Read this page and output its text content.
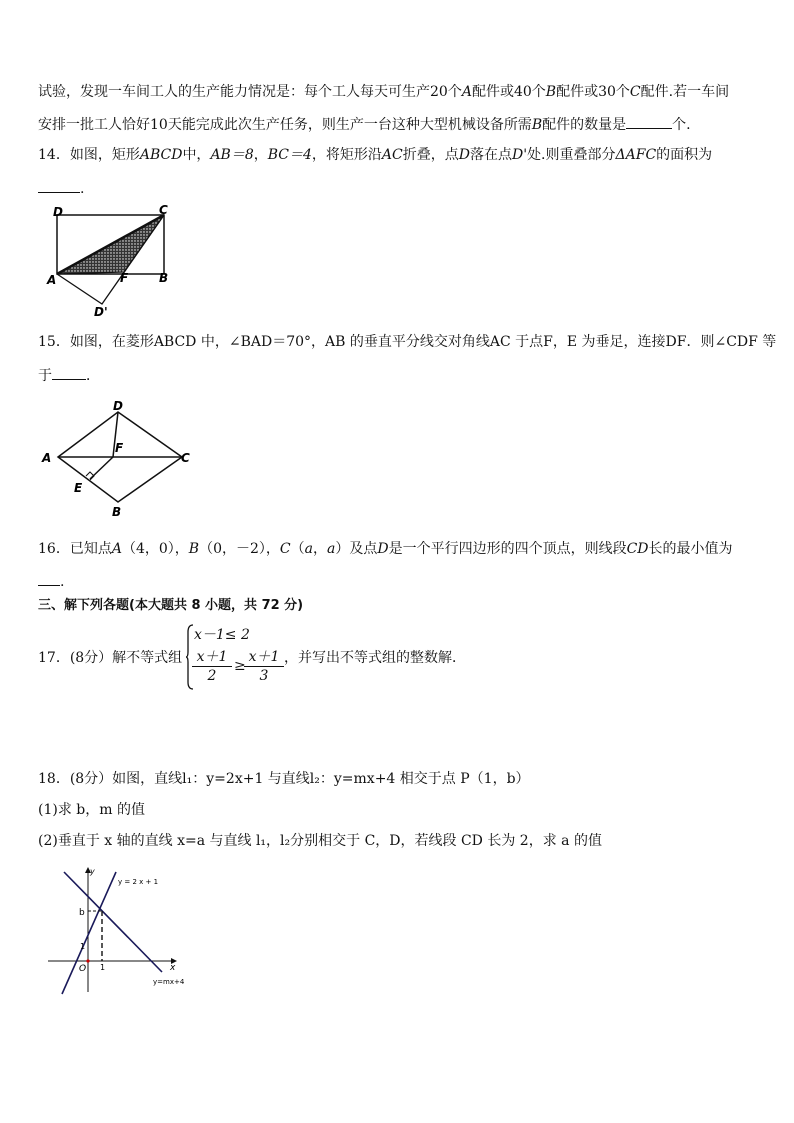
试验，发现一车间工人的生产能力情况是：每个工人每天可生产20个A配件或40个B配件或30个C配件.若一车间
安排一批工人恰好10天能完成此次生产任务，则生产一台这种大型机械设备所需B配件的数量是	个.
14．如图，矩形ABCD中，AB＝8，BC＝4，将矩形沿AC折叠，点D落在点D'处.则重叠部分ΔAFC的面积为
.
D	C
A	F	B
D'
15．如图，在菱形ABCD 中，∠BAD＝70°，AB 的垂直平分线交对角线AC 于点F，E 为垂足，连接DF．则∠CDF 等
于 ．
D
F
A	C
E
B
16．已知点A（4，0），B（0，－2），C（a，a）及点D是一个平行四边形的四个顶点，则线段CD长的最小值为
.
三、解下列各题(本大题共 8 小题，共 72 分)
17．(8分）解不等式组
x－1≤ 2
$\frac{x+1}{2}$ ≥
$\frac{x+1}{3}$ ，并写出不等式组的整数解．
18．(8分）如图，直线l₁：y=2x+1 与直线l₂：y=mx+4 相交于点 P（1，b）
(1)求 b，m 的值
(2)垂直于 x 轴的直线 x=a 与直线 l₁，l₂分别相交于 C，D，若线段 CD 长为 2，求 a 的值
y
x
O
b
1
1
y = 2 x + 1
y=mx+4
